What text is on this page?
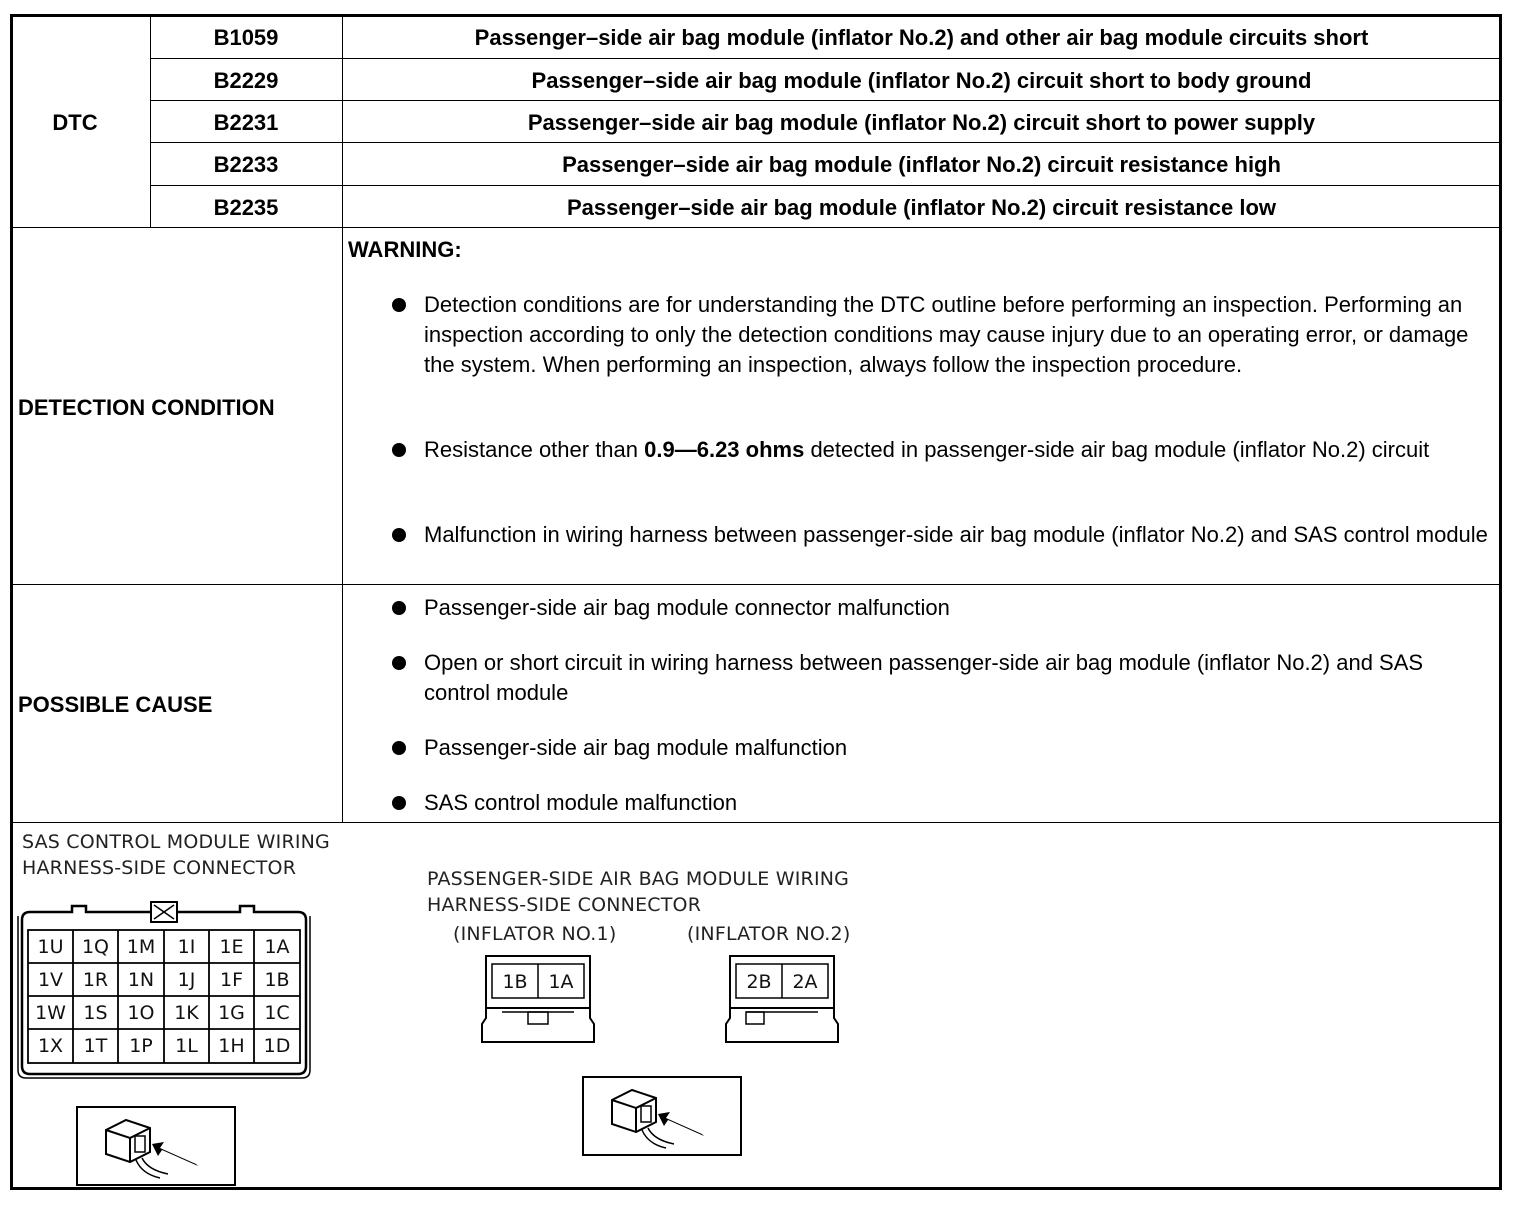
DTC
B1059	Passenger–side air bag module (inflator No.2) and other air bag module circuits short
B2229	Passenger–side air bag module (inflator No.2) circuit short to body ground
B2231	Passenger–side air bag module (inflator No.2) circuit short to power supply
B2233	Passenger–side air bag module (inflator No.2) circuit resistance high
B2235	Passenger–side air bag module (inflator No.2) circuit resistance low
DETECTION CONDITION
WARNING:
Detection conditions are for understanding the DTC outline before performing an inspection. Performing an inspection according to only the detection conditions may cause injury due to an operating error, or damage the system. When performing an inspection, always follow the inspection procedure.
Resistance other than 0.9—6.23 ohms detected in passenger-side air bag module (inflator No.2) circuit
Malfunction in wiring harness between passenger-side air bag module (inflator No.2) and SAS control module
POSSIBLE CAUSE
Passenger-side air bag module connector malfunction
Open or short circuit in wiring harness between passenger-side air bag module (inflator No.2) and SAS control module
Passenger-side air bag module malfunction
SAS control module malfunction
SAS CONTROL MODULE WIRING
HARNESS-SIDE CONNECTOR
1U 1Q 1M 1I 1E 1A
1V 1R 1N 1J 1F 1B
1W 1S 1O 1K 1G 1C
1X 1T 1P 1L 1H 1D
PASSENGER-SIDE AIR BAG MODULE WIRING
HARNESS-SIDE CONNECTOR
(INFLATOR NO.1)	(INFLATOR NO.2)
1B 1A	2B 2A
